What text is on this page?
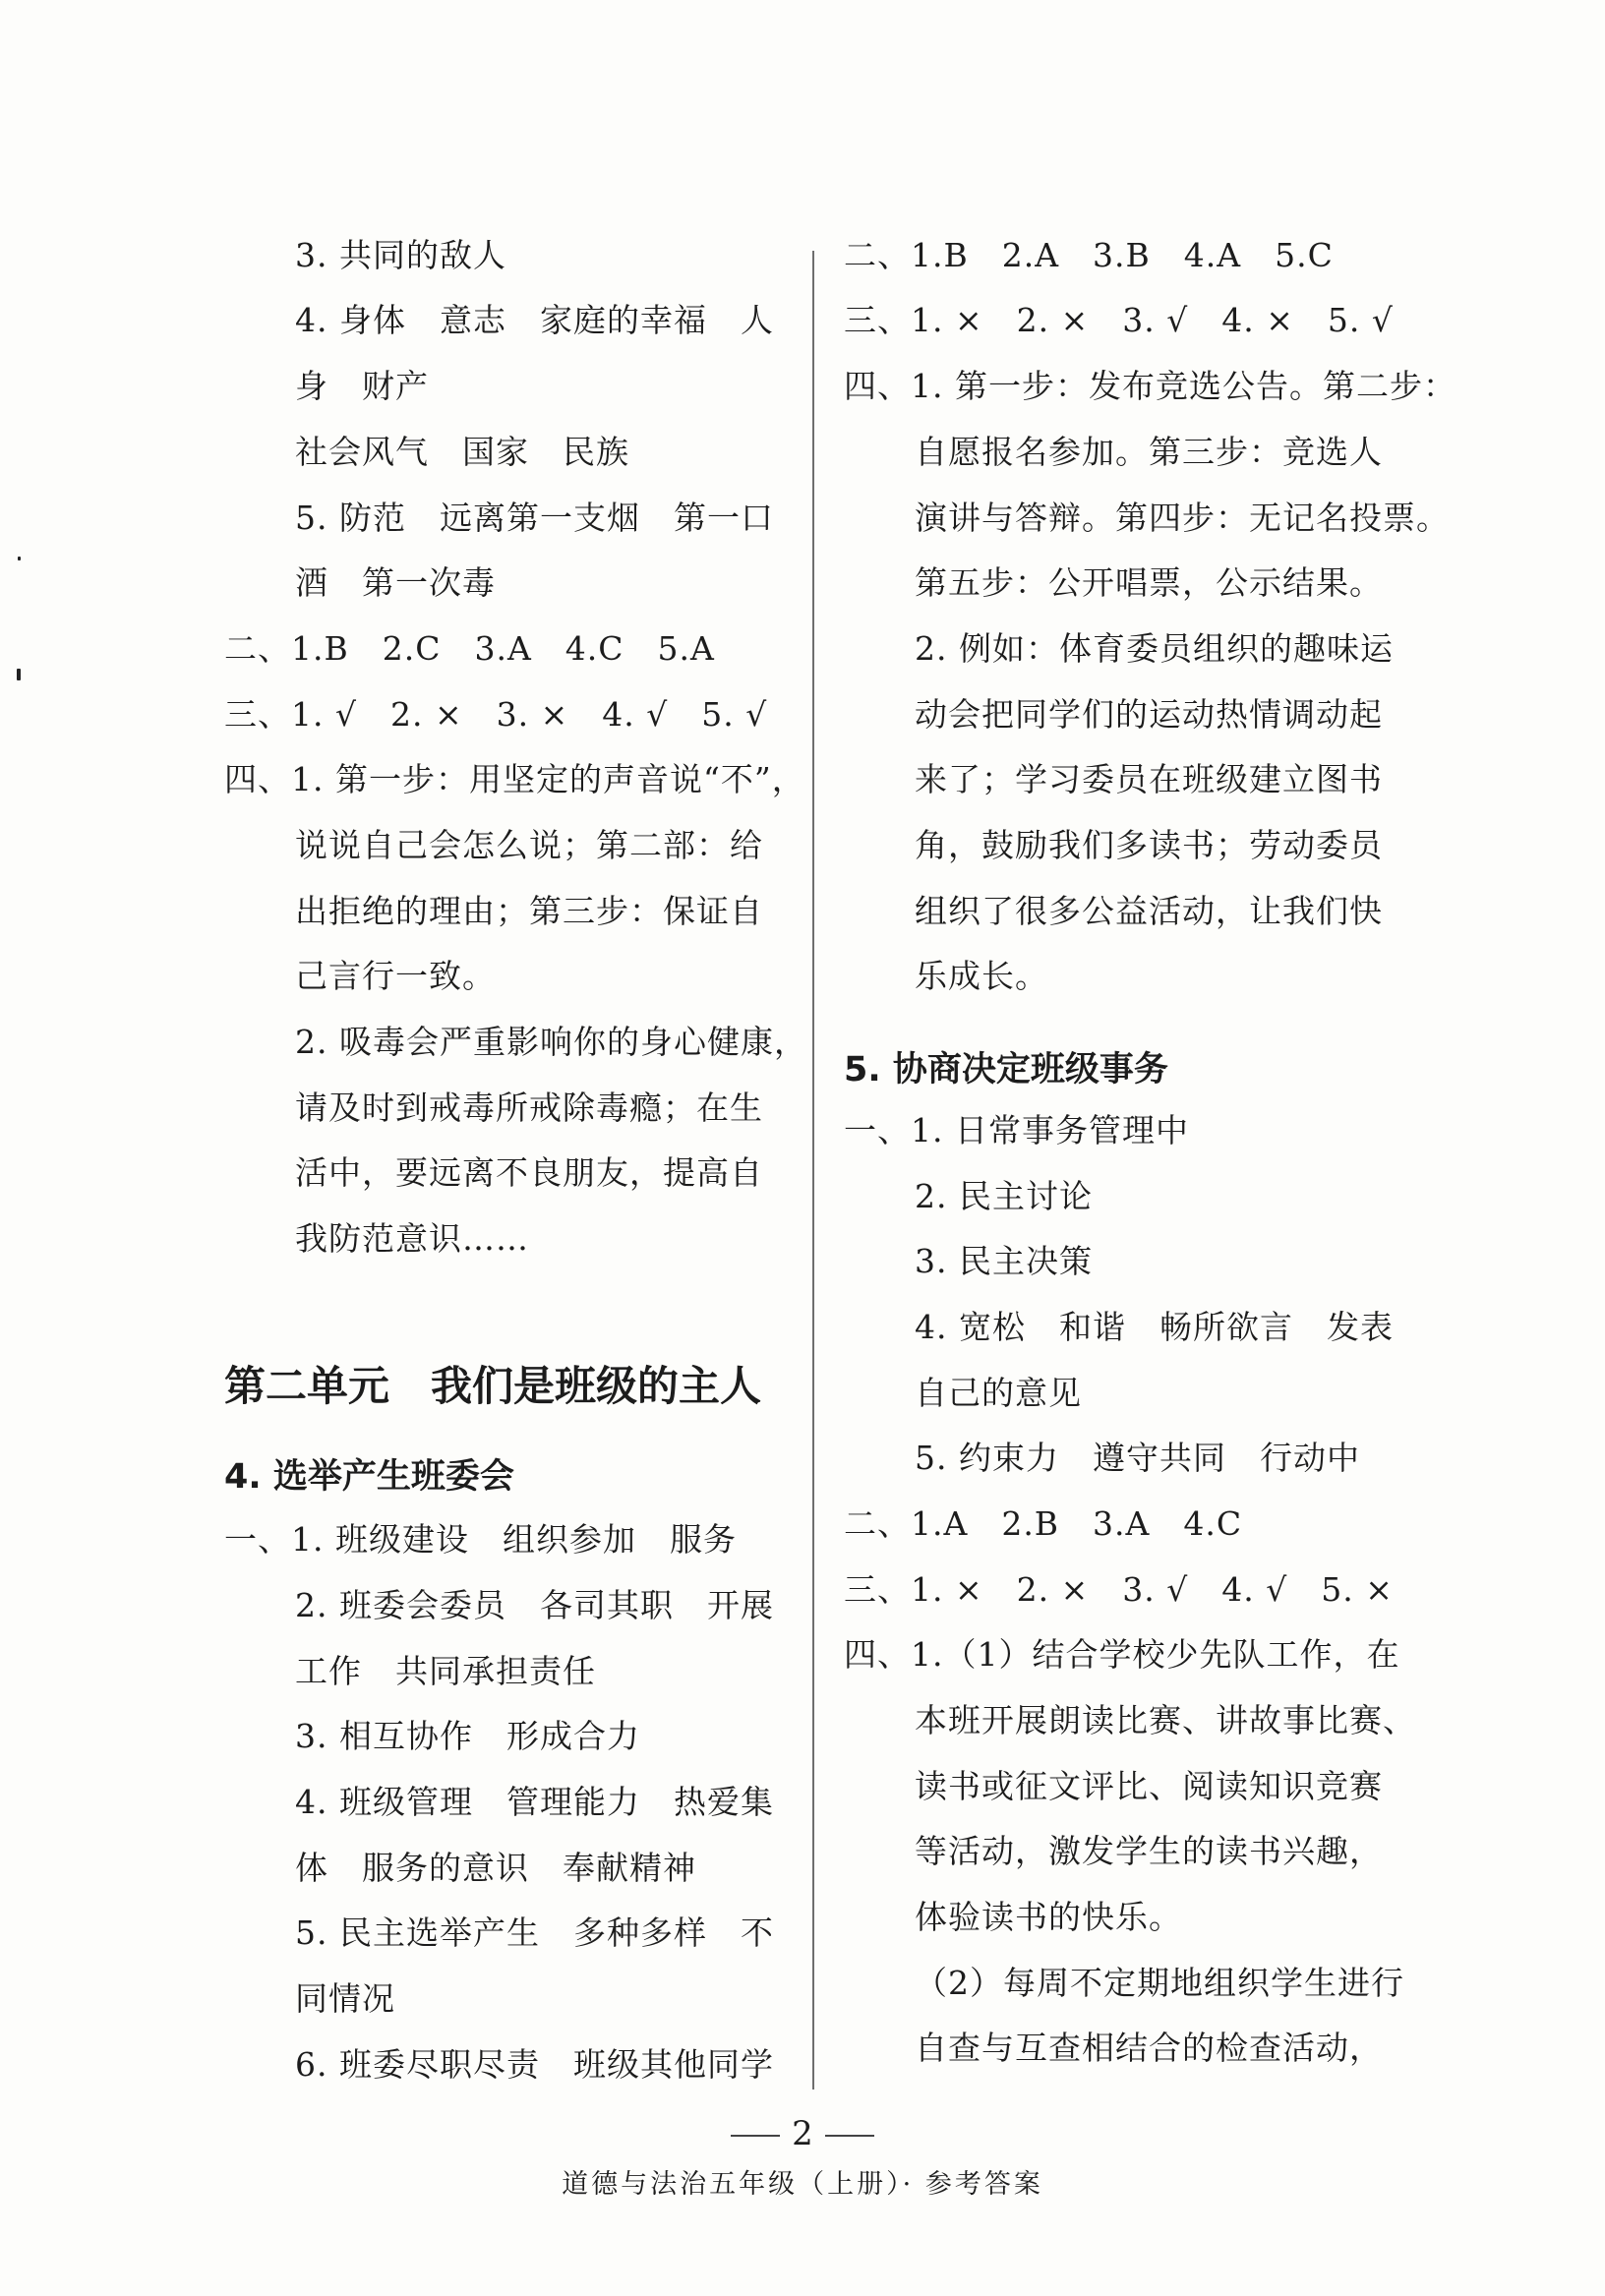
3. 共同的敌人
4. 身体　意志　家庭的幸福　人
身　财产
社会风气　国家　民族
5. 防范　远离第一支烟　第一口
酒　第一次毒
二、1.B　2.C　3.A　4.C　5.A
三、1. √　2. ×　3. ×　4. √　5. √
四、1. 第一步：用坚定的声音说“不”，
说说自己会怎么说；第二部：给
出拒绝的理由；第三步：保证自
己言行一致。
2. 吸毒会严重影响你的身心健康，
请及时到戒毒所戒除毒瘾；在生
活中，要远离不良朋友，提高自
我防范意识……
第二单元　我们是班级的主人
4. 选举产生班委会
一、1. 班级建设　组织参加　服务
2. 班委会委员　各司其职　开展
工作　共同承担责任
3. 相互协作　形成合力
4. 班级管理　管理能力　热爱集
体　服务的意识　奉献精神
5. 民主选举产生　多种多样　不
同情况
6. 班委尽职尽责　班级其他同学
二、1.B　2.A　3.B　4.A　5.C
三、1. ×　2. ×　3. √　4. ×　5. √
四、1. 第一步：发布竞选公告。第二步：
自愿报名参加。第三步：竞选人
演讲与答辩。第四步：无记名投票。
第五步：公开唱票，公示结果。
2. 例如：体育委员组织的趣味运
动会把同学们的运动热情调动起
来了；学习委员在班级建立图书
角，鼓励我们多读书；劳动委员
组织了很多公益活动，让我们快
乐成长。
5. 协商决定班级事务
一、1. 日常事务管理中
2. 民主讨论
3. 民主决策
4. 宽松　和谐　畅所欲言　发表
自己的意见
5. 约束力　遵守共同　行动中
二、1.A　2.B　3.A　4.C
三、1. ×　2. ×　3. √　4. √　5. ×
四、1.（1）结合学校少先队工作，在
本班开展朗读比赛、讲故事比赛、
读书或征文评比、阅读知识竞赛
等活动，激发学生的读书兴趣，
体验读书的快乐。
（2）每周不定期地组织学生进行
自查与互查相结合的检查活动，
2
道德与法治五年级（上册）· 参考答案
